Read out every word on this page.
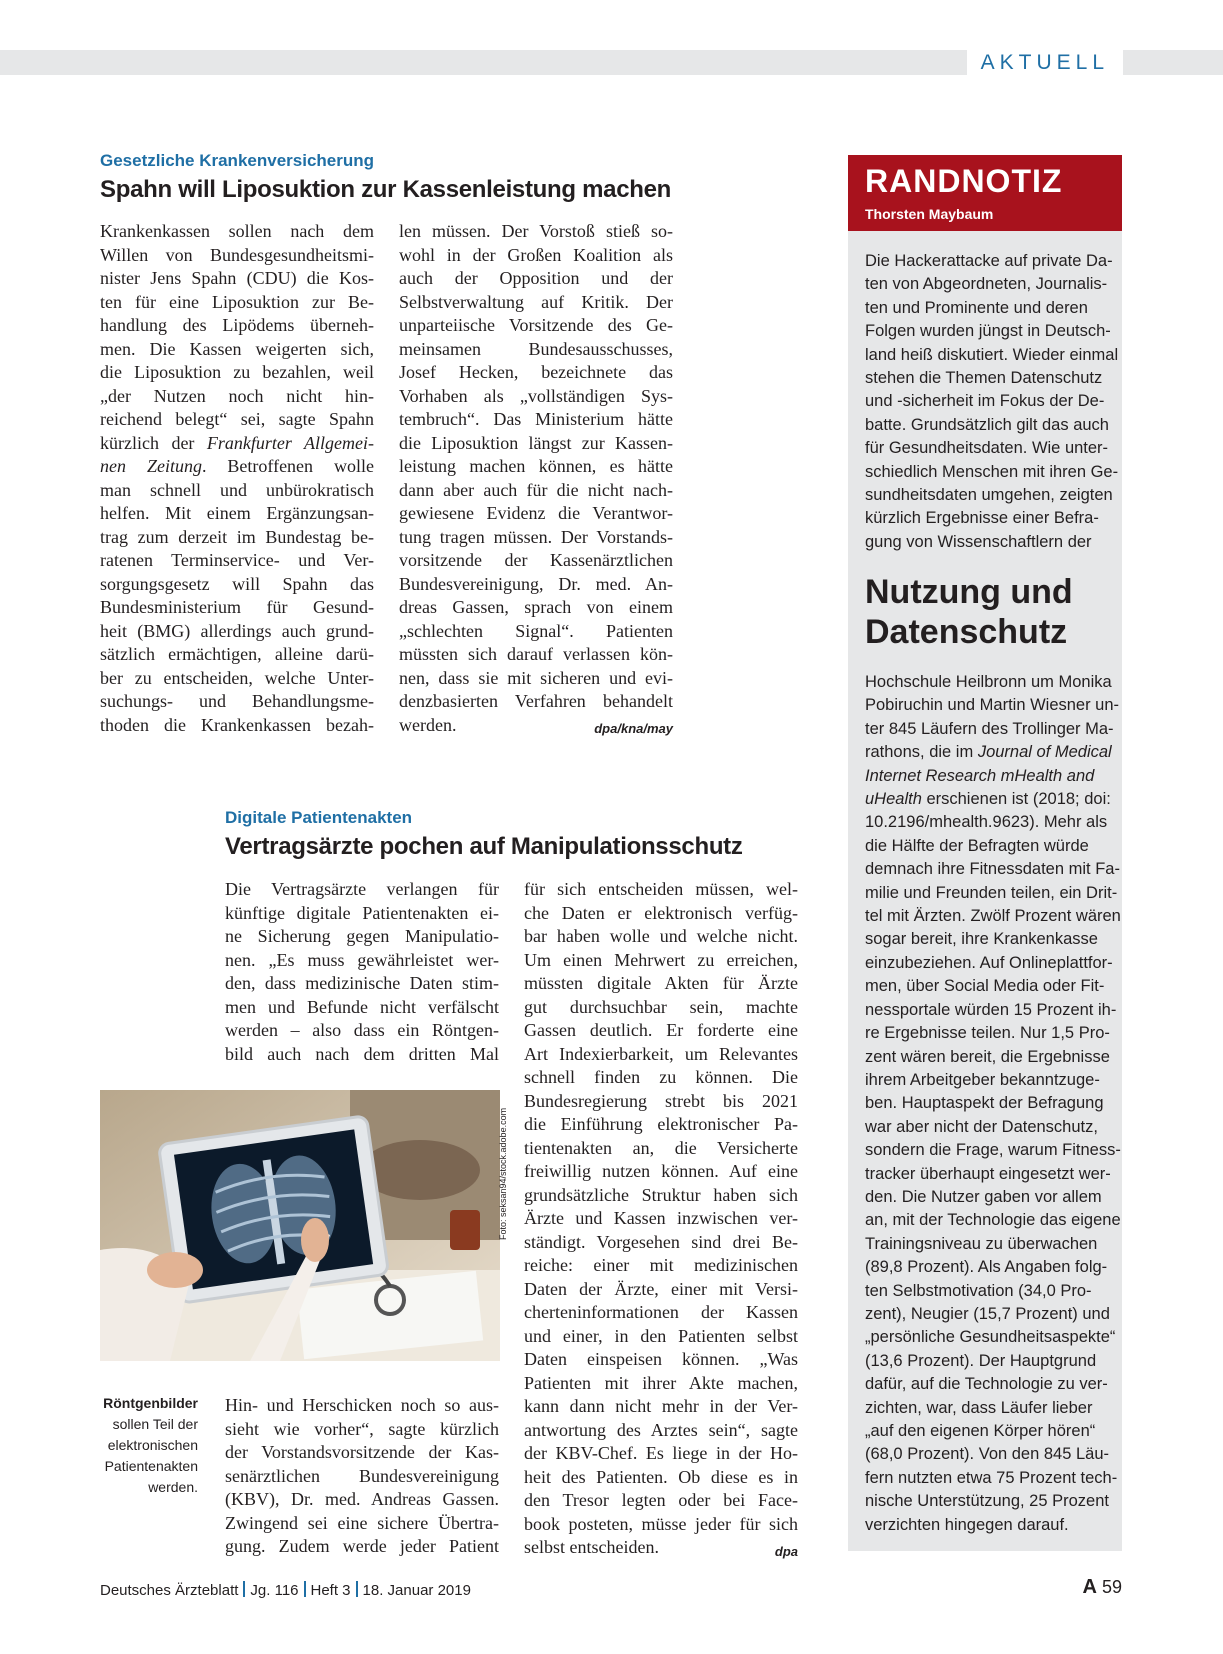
AKTUELL
Gesetzliche Krankenversicherung
Spahn will Liposuktion zur Kassenleistung machen
Krankenkassen sollen nach dem
Willen von Bundesgesundheitsmi-
nister Jens Spahn (CDU) die Kos-
ten für eine Liposuktion zur Be-
handlung des Lipödems überneh-
men. Die Kassen weigerten sich,
die Liposuktion zu bezahlen, weil
„der Nutzen noch nicht hin-
reichend belegt“ sei, sagte Spahn
kürzlich der Frankfurter Allgemei-
nen Zeitung. Betroffenen wolle
man schnell und unbürokratisch
helfen. Mit einem Ergänzungsan-
trag zum derzeit im Bundestag be-
ratenen Terminservice- und Ver-
sorgungsgesetz will Spahn das
Bundesministerium für Gesund-
heit (BMG) allerdings auch grund-
sätzlich ermächtigen, alleine darü-
ber zu entscheiden, welche Unter-
suchungs- und Behandlungsme-
thoden die Krankenkassen bezah-
len müssen. Der Vorstoß stieß so-
wohl in der Großen Koalition als
auch der Opposition und der
Selbstverwaltung auf Kritik. Der
unparteiische Vorsitzende des Ge-
meinsamen Bundesausschusses,
Josef Hecken, bezeichnete das
Vorhaben als „vollständigen Sys-
tembruch“. Das Ministerium hätte
die Liposuktion längst zur Kassen-
leistung machen können, es hätte
dann aber auch für die nicht nach-
gewiesene Evidenz die Verantwor-
tung tragen müssen. Der Vorstands-
vorsitzende der Kassenärztlichen
Bundesvereinigung, Dr. med. An-
dreas Gassen, sprach von einem
„schlechten Signal“. Patienten
müssten sich darauf verlassen kön-
nen, dass sie mit sicheren und evi-
denzbasierten Verfahren behandelt
werden.	dpa/kna/may
Digitale Patientenakten
Vertragsärzte pochen auf Manipulationsschutz
Die Vertragsärzte verlangen für
künftige digitale Patientenakten ei-
ne Sicherung gegen Manipulatio-
nen. „Es muss gewährleistet wer-
den, dass medizinische Daten stim-
men und Befunde nicht verfälscht
werden – also dass ein Röntgen-
bild auch nach dem dritten Mal
Foto: seksan94/stock.adobe.com
Röntgenbilder
sollen Teil der
elektronischen
Patientenakten
werden.
Hin- und Herschicken noch so aus-
sieht wie vorher“, sagte kürzlich
der Vorstandsvorsitzende der Kas-
senärztlichen Bundesvereinigung
(KBV), Dr. med. Andreas Gassen.
Zwingend sei eine sichere Übertra-
gung. Zudem werde jeder Patient
für sich entscheiden müssen, wel-
che Daten er elektronisch verfüg-
bar haben wolle und welche nicht.
Um einen Mehrwert zu erreichen,
müssten digitale Akten für Ärzte
gut durchsuchbar sein, machte
Gassen deutlich. Er forderte eine
Art Indexierbarkeit, um Relevantes
schnell finden zu können. Die
Bundesregierung strebt bis 2021
die Einführung elektronischer Pa-
tientenakten an, die Versicherte
freiwillig nutzen können. Auf eine
grundsätzliche Struktur haben sich
Ärzte und Kassen inzwischen ver-
ständigt. Vorgesehen sind drei Be-
reiche: einer mit medizinischen
Daten der Ärzte, einer mit Versi-
cherteninformationen der Kassen
und einer, in den Patienten selbst
Daten einspeisen können. „Was
Patienten mit ihrer Akte machen,
kann dann nicht mehr in der Ver-
antwortung des Arztes sein“, sagte
der KBV-Chef. Es liege in der Ho-
heit des Patienten. Ob diese es in
den Tresor legten oder bei Face-
book posteten, müsse jeder für sich
selbst entscheiden.	dpa
RANDNOTIZ
Thorsten Maybaum
Die Hackerattacke auf private Da-
ten von Abgeordneten, Journalis-
ten und Prominente und deren
Folgen wurden jüngst in Deutsch-
land heiß diskutiert. Wieder einmal
stehen die Themen Datenschutz
und -sicherheit im Fokus der De-
batte. Grundsätzlich gilt das auch
für Gesundheitsdaten. Wie unter-
schiedlich Menschen mit ihren Ge-
sundheitsdaten umgehen, zeigten
kürzlich Ergebnisse einer Befra-
gung von Wissenschaftlern der
Nutzung und
Datenschutz
Hochschule Heilbronn um Monika
Pobiruchin und Martin Wiesner un-
ter 845 Läufern des Trollinger Ma-
rathons, die im Journal of Medical
Internet Research mHealth and
uHealth erschienen ist (2018; doi:
10.2196/mhealth.9623). Mehr als
die Hälfte der Befragten würde
demnach ihre Fitnessdaten mit Fa-
milie und Freunden teilen, ein Drit-
tel mit Ärzten. Zwölf Prozent wären
sogar bereit, ihre Krankenkasse
einzubeziehen. Auf Onlineplattfor-
men, über Social Media oder Fit-
nessportale würden 15 Prozent ih-
re Ergebnisse teilen. Nur 1,5 Pro-
zent wären bereit, die Ergebnisse
ihrem Arbeitgeber bekanntzuge-
ben. Hauptaspekt der Befragung
war aber nicht der Datenschutz,
sondern die Frage, warum Fitness-
tracker überhaupt eingesetzt wer-
den. Die Nutzer gaben vor allem
an, mit der Technologie das eigene
Trainingsniveau zu überwachen
(89,8 Prozent). Als Angaben folg-
ten Selbstmotivation (34,0 Pro-
zent), Neugier (15,7 Prozent) und
„persönliche Gesundheitsaspekte“
(13,6 Prozent). Der Hauptgrund
dafür, auf die Technologie zu ver-
zichten, war, dass Läufer lieber
„auf den eigenen Körper hören“
(68,0 Prozent). Von den 845 Läu-
fern nutzten etwa 75 Prozent tech-
nische Unterstützung, 25 Prozent
verzichten hingegen darauf.
Deutsches Ärzteblatt Jg. 116 Heft 3 18. Januar 2019	A 59
